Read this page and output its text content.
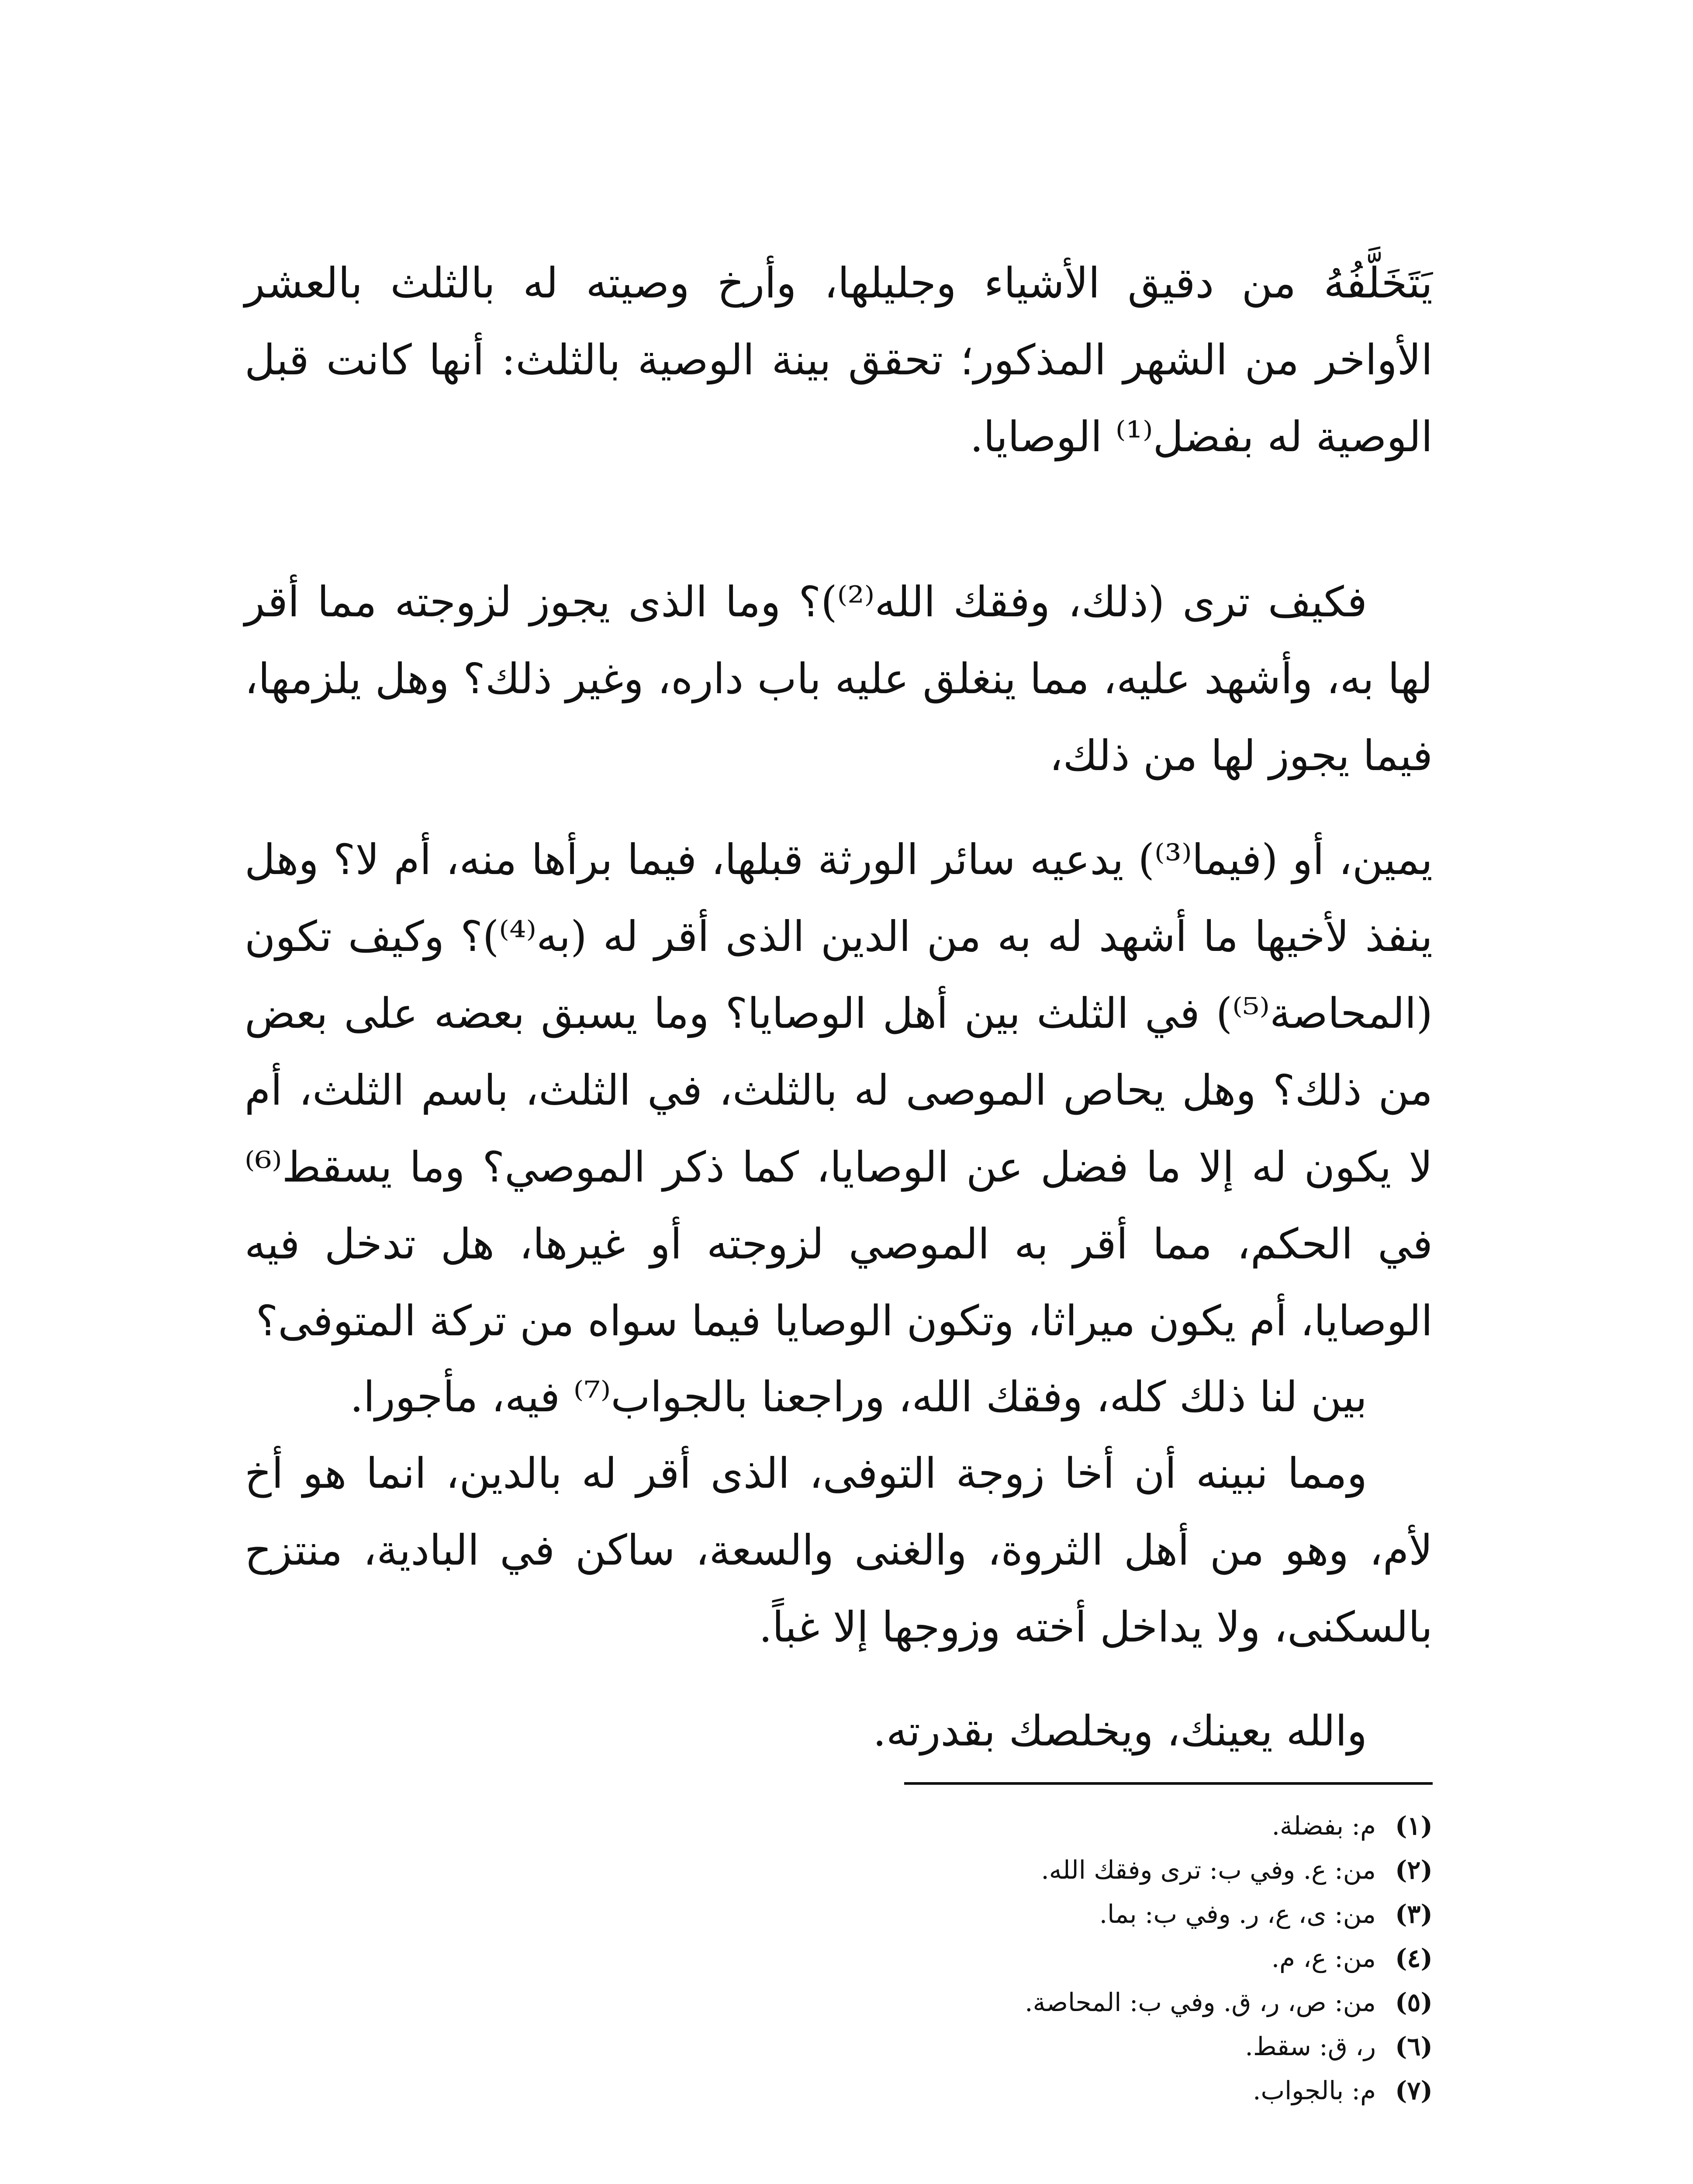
يَتَخَلَّفُهُ من دقيق الأشياء وجليلها، وأرخ وصيته له بالثلث بالعشر الأواخر من الشهر المذكور؛ تحقق بينة الوصية بالثلث: أنها كانت قبل الوصية له بفضل⁽¹⁾ الوصايا.

فكيف ترى (ذلك، وفقك الله⁽²⁾)؟ وما الذى يجوز لزوجته مما أقر لها به، وأشهد عليه، مما ينغلق عليه باب داره، وغير ذلك؟ وهل يلزمها، فيما يجوز لها من ذلك،

يمين، أو (فيما⁽³⁾) يدعيه سائر الورثة قبلها، فيما برأها منه، أم لا؟ وهل ينفذ لأخيها ما أشهد له به من الدين الذى أقر له (به⁽⁴⁾)؟ وكيف تكون (المحاصة⁽⁵⁾) في الثلث بين أهل الوصايا؟ وما يسبق بعضه على بعض من ذلك؟ وهل يحاص الموصى له بالثلث، في الثلث، باسم الثلث، أم لا يكون له إلا ما فضل عن الوصايا، كما ذكر الموصي؟ وما يسقط⁽⁶⁾ في الحكم، مما أقر به الموصي لزوجته أو غيرها، هل تدخل فيه الوصايا، أم يكون ميراثا، وتكون الوصايا فيما سواه من تركة المتوفى؟

بين لنا ذلك كله، وفقك الله، وراجعنا بالجواب⁽⁷⁾ فيه، مأجورا.

ومما نبينه أن أخا زوجة التوفى، الذى أقر له بالدين، انما هو أخ لأم، وهو من أهل الثروة، والغنى والسعة، ساكن في البادية، منتزح بالسكنى، ولا يداخل أخته وزوجها إلا غباً.

والله يعينك، ويخلصك بقدرته.

(١)
م: بفضلة.
(٢)
من: ع. وفي ب: ترى وفقك الله.
(٣)
من: ى، ع، ر. وفي ب: بما.
(٤)
من: ع، م.
(٥)
من: ص، ر، ق. وفي ب: المحاصة.
(٦)
ر، ق: سقط.
(٧)
م: بالجواب.
